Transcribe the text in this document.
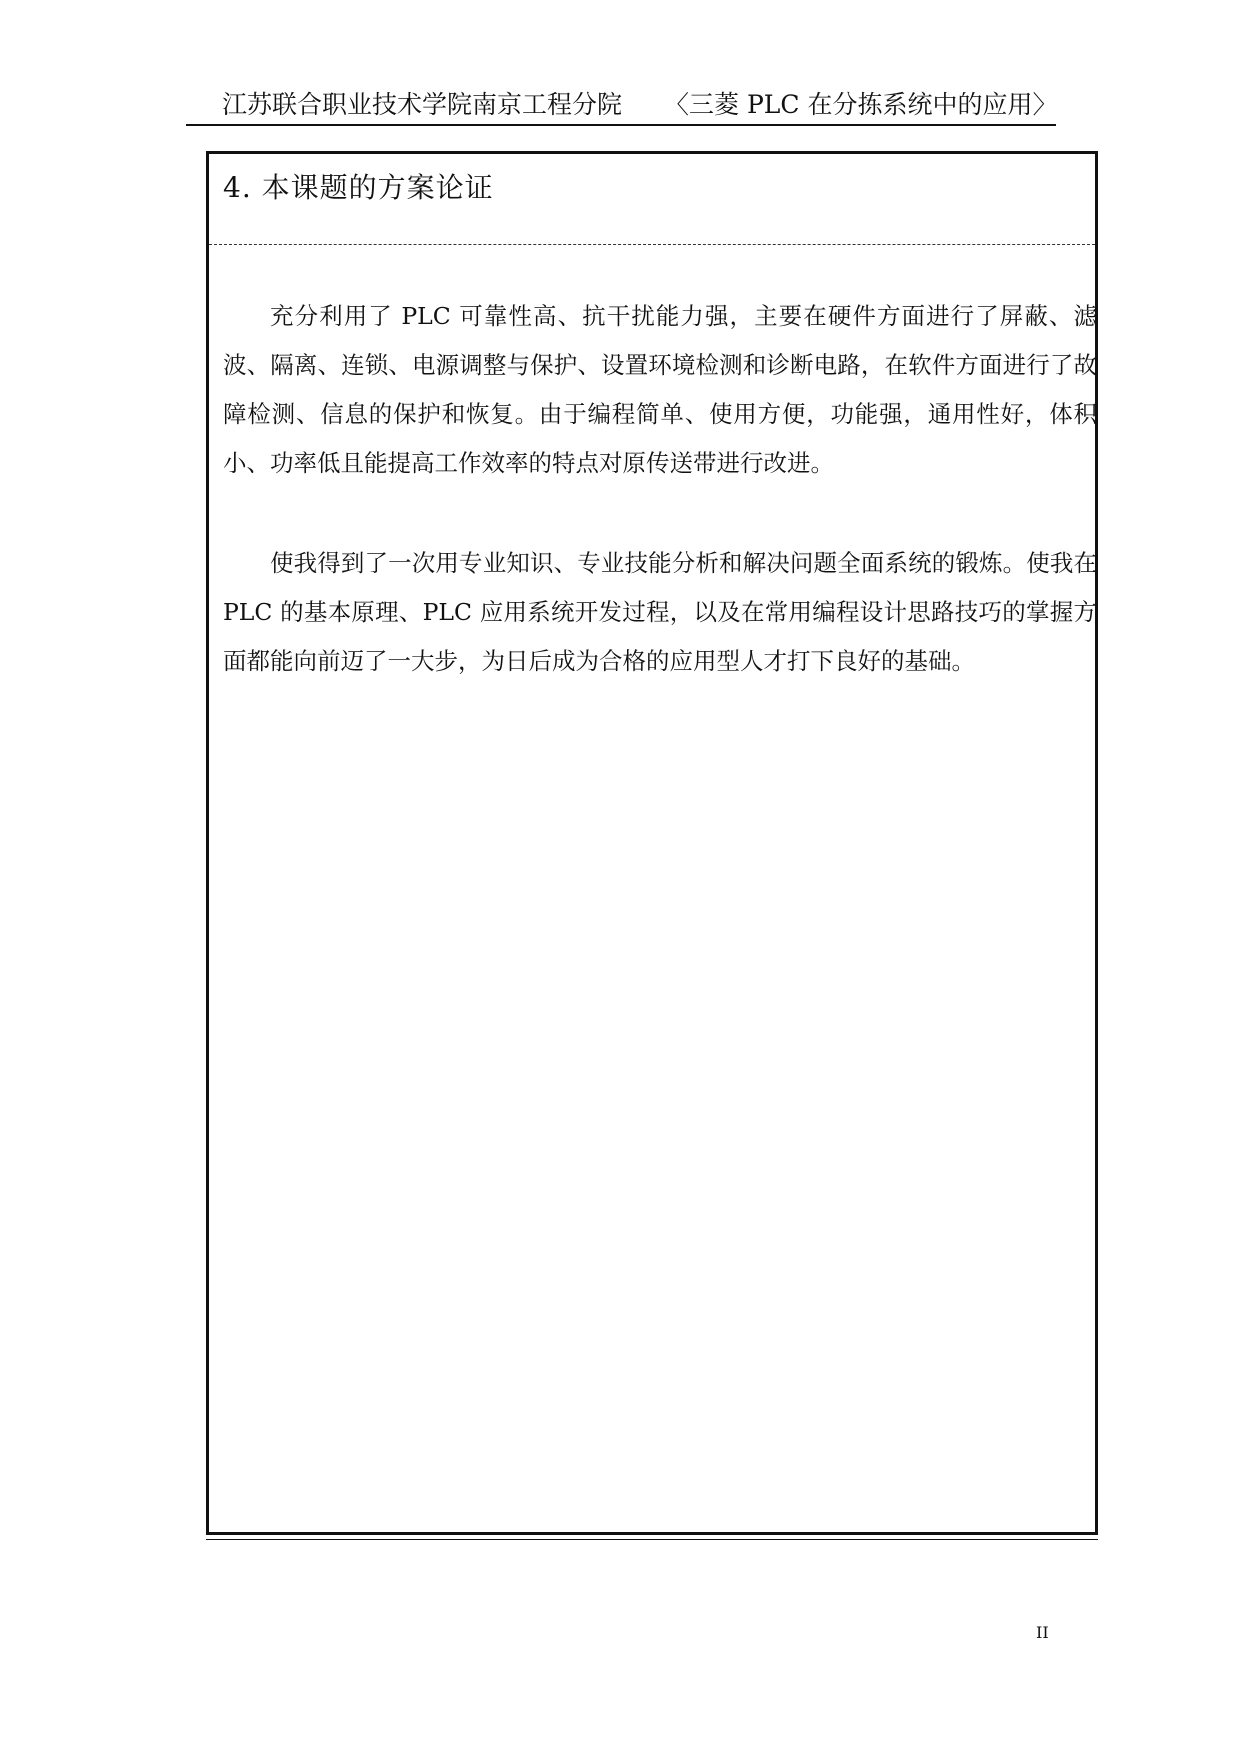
江苏联合职业技术学院南京工程分院 〈三菱 PLC 在分拣系统中的应用〉
4. 本课题的方案论证

充分利用了 PLC 可靠性高、抗干扰能力强，主要在硬件方面进行了屏蔽、滤波、隔离、连锁、电源调整与保护、设置环境检测和诊断电路，在软件方面进行了故障检测、信息的保护和恢复。由于编程简单、使用方便，功能强，通用性好，体积小、功率低且能提高工作效率的特点对原传送带进行改进。

使我得到了一次用专业知识、专业技能分析和解决问题全面系统的锻炼。使我在 PLC 的基本原理、PLC 应用系统开发过程，以及在常用编程设计思路技巧的掌握方面都能向前迈了一大步，为日后成为合格的应用型人才打下良好的基础。

II
